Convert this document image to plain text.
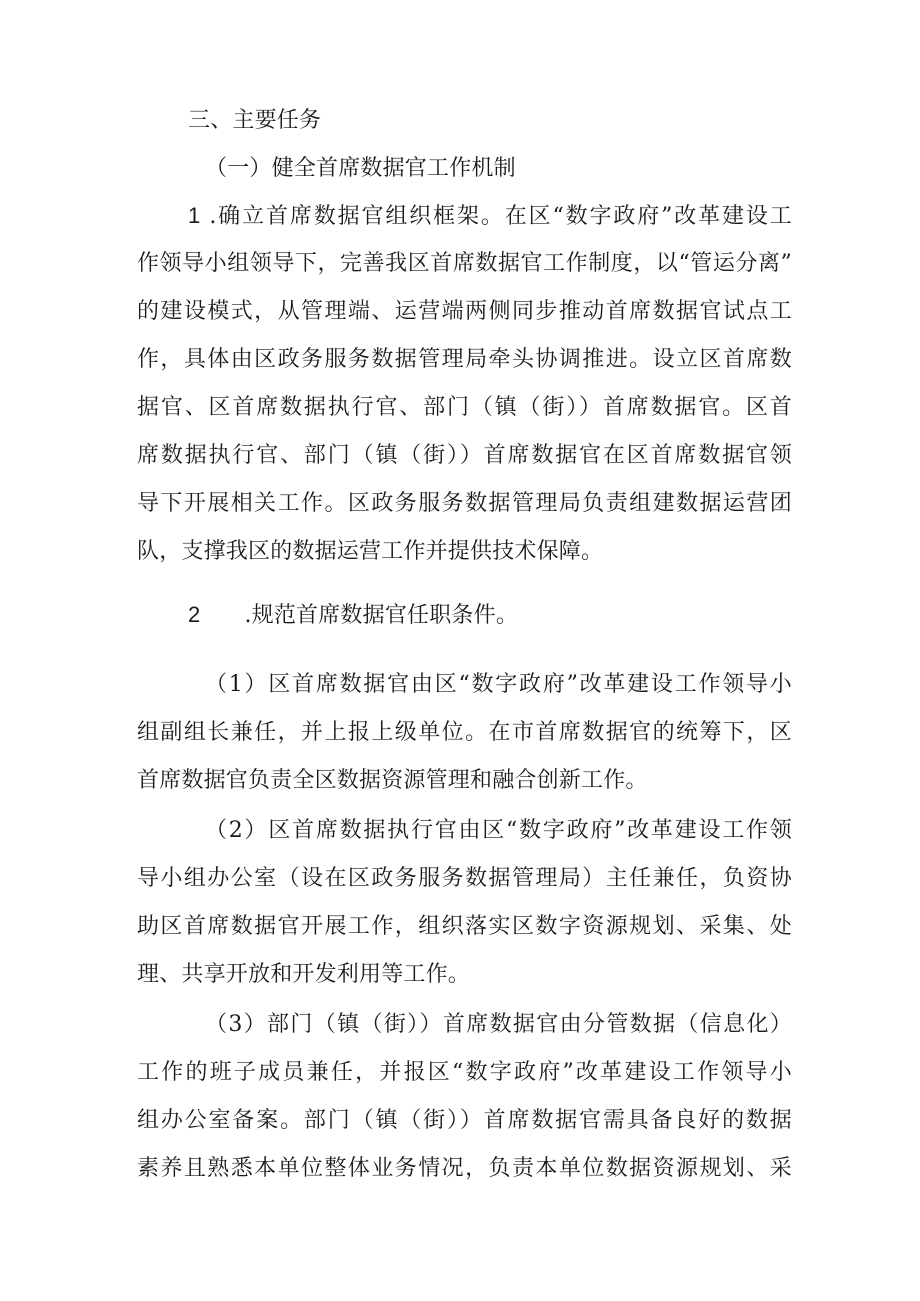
三、主要任务
（一）健全首席数据官工作机制
1 .确立首席数据官组织框架。在区“数字政府”改革建设工
作领导小组领导下，完善我区首席数据官工作制度，以“管运分离”
的建设模式，从管理端、运营端两侧同步推动首席数据官试点工
作，具体由区政务服务数据管理局牵头协调推进。设立区首席数
据官、区首席数据执行官、部门（镇（街））首席数据官。区首
席数据执行官、部门（镇（街））首席数据官在区首席数据官领
导下开展相关工作。区政务服务数据管理局负责组建数据运营团
队，支撑我区的数据运营工作并提供技术保障。
2 .规范首席数据官任职条件。
（1）区首席数据官由区“数字政府”改革建设工作领导小
组副组长兼任，并上报上级单位。在市首席数据官的统筹下，区
首席数据官负责全区数据资源管理和融合创新工作。
（2）区首席数据执行官由区“数字政府”改革建设工作领
导小组办公室（设在区政务服务数据管理局）主任兼任，负资协
助区首席数据官开展工作，组织落实区数字资源规划、采集、处
理、共享开放和开发利用等工作。
（3）部门（镇（街））首席数据官由分管数据（信息化）
工作的班子成员兼任，并报区“数字政府”改革建设工作领导小
组办公室备案。部门（镇（街））首席数据官需具备良好的数据
素养且熟悉本单位整体业务情况，负责本单位数据资源规划、采
